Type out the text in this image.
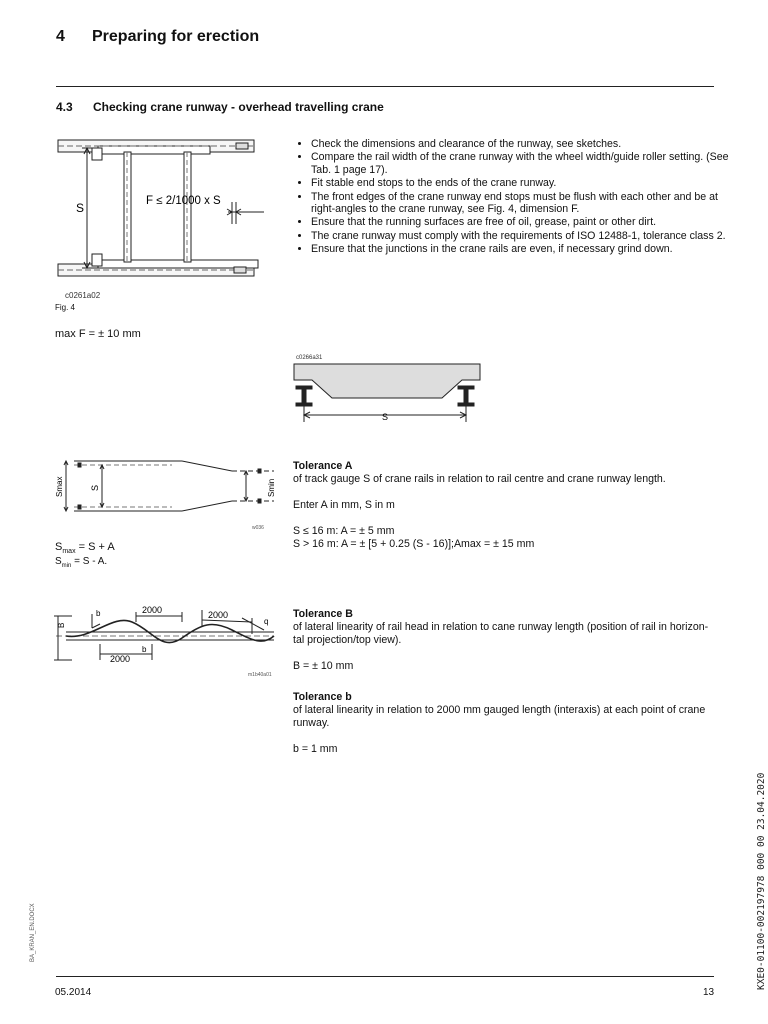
4 Preparing for erection
4.3 Checking crane runway - overhead travelling crane
S	F ≤ 2/1000 x S
c0261a02
Fig. 4
• Check the dimensions and clearance of the runway, see sketches.
• Compare the rail width of the crane runway with the wheel width/guide roller setting. (See Tab. 1 page 17).
• Fit stable end stops to the ends of the crane runway.
• The front edges of the crane runway end stops must be flush with each other and be at right-angles to the crane runway, see Fig. 4, dimension F.
• Ensure that the running surfaces are free of oil, grease, paint or other dirt.
• The crane runway must comply with the requirements of ISO 12488-1, tolerance class 2.
• Ensure that the junctions in the crane rails are even, if necessary grind down.
max F = ± 10 mm
c0266a31
S
Smax	S	Smin
w036
$S_{max} = S + A$
$S_{min} = S - A$.

Tolerance A

of track gauge S of crane rails in relation to rail centre and crane runway length.

Enter A in mm, S in m

S ≤ 16 m: A = ± 5 mm

S > 16 m: A = ± [5 + 0.25 (S - 16)];Amax = ± 15 mm

2000	2000
2000
B
b
b
q
m1b40a01

Tolerance B

of lateral linearity of rail head in relation to cane runway length (position of rail in horizon-tal projection/top view).

B = ± 10 mm

Tolerance b

of lateral linearity in relation to 2000 mm gauged length (interaxis) at each point of crane runway.

b = 1 mm

KXE0-01100-002197978 000 00 23.04.2020
BA_KRAN_EN.DOCX
05.2014	13
